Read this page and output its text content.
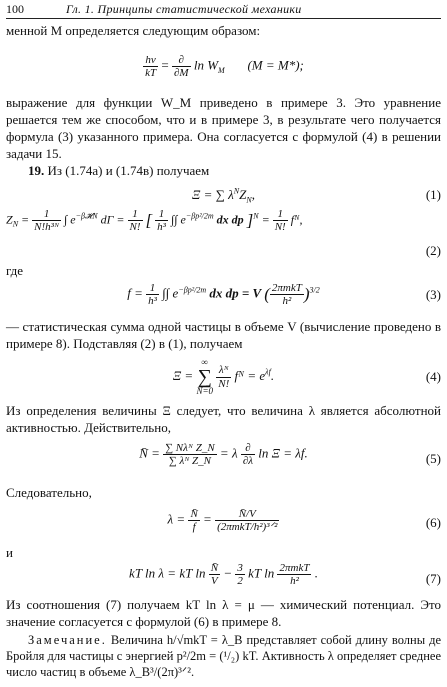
100	Гл. 1. Принципы статистической механики
менной M определяется следующим образом:
$\frac{h\nu}{kT} = \frac{\partial}{\partial M}$ $\ln W_M$ (M = M*);
выражение для функции W_M приведено в примере 3. Это уравнение решается тем же способом, что и в примере 3, в результате чего получается формула (3) указанного примера. Она согласуется с формулой (4) в решении задачи 15.
19. Из (1.74а) и (1.74в) получаем
Ξ = ∑ $\lambda^NZ_N$,	(1)
$Z_N = \frac{1}{\text{N!h³ᴺ}}$ ∫ $e^{-\beta 𝓗N}$ $d\Gamma = \frac{1}{N!}$ [ $\frac{1}{\text{h³}}$ ∫∫ $e^{-\beta p^2/2m}$ dx dp ]$^N = \frac{1}{N!}$ fᴺ,
(2)
где
$f = \frac{1}{\text{h³}}$ ∫∫ $e^{-\beta p^2/2m}$ dx dp = V ( $\frac{\text{2πmkT}}{\text{h²}} )^{3/2}$	(3)
— статистическая сумма одной частицы в объеме V (вычисление проведено в примере 8). Подставляя (2) в (1), получаем
Ξ =
∞
∑
N=0

$\frac{\text{λᴺ}}{N!}$ fᴺ = $e^{\lambda f}$.	(4)
Из определения величины Ξ следует, что величина λ является абсолютной активностью. Действительно,
N̄ = $\frac{\text{∑ Nλᴺ Z\_N}}{\text{∑ λᴺ Z\_N}} = \lambda \frac{\partial}{\partial\lambda}$ ln Ξ = λf.	(5)
Следовательно,
$\lambda = \frac{N̄}{f} = \frac{N̄/V}{\text{(2πmkT/h²)³ᐟ²}}$	(6)
и
kT ln λ = kT $\ln \frac{N̄}{V} - \frac{3}{2}$ kT $\ln \frac{\text{2πmkT}}{\text{h²}}$ .	(7)
Из соотношения (7) получаем kT ln λ = μ — химический потенциал. Это значение согласуется с формулой (6) в примере 8.
Замечание. Величина h/√mkT = λ_B представляет собой длину волны де Бройля для частицы с энергией p²/2m = (¹/₂) kT. Активность λ определяет среднее число частиц в объеме λ_B³/(2π)³ᐟ².
